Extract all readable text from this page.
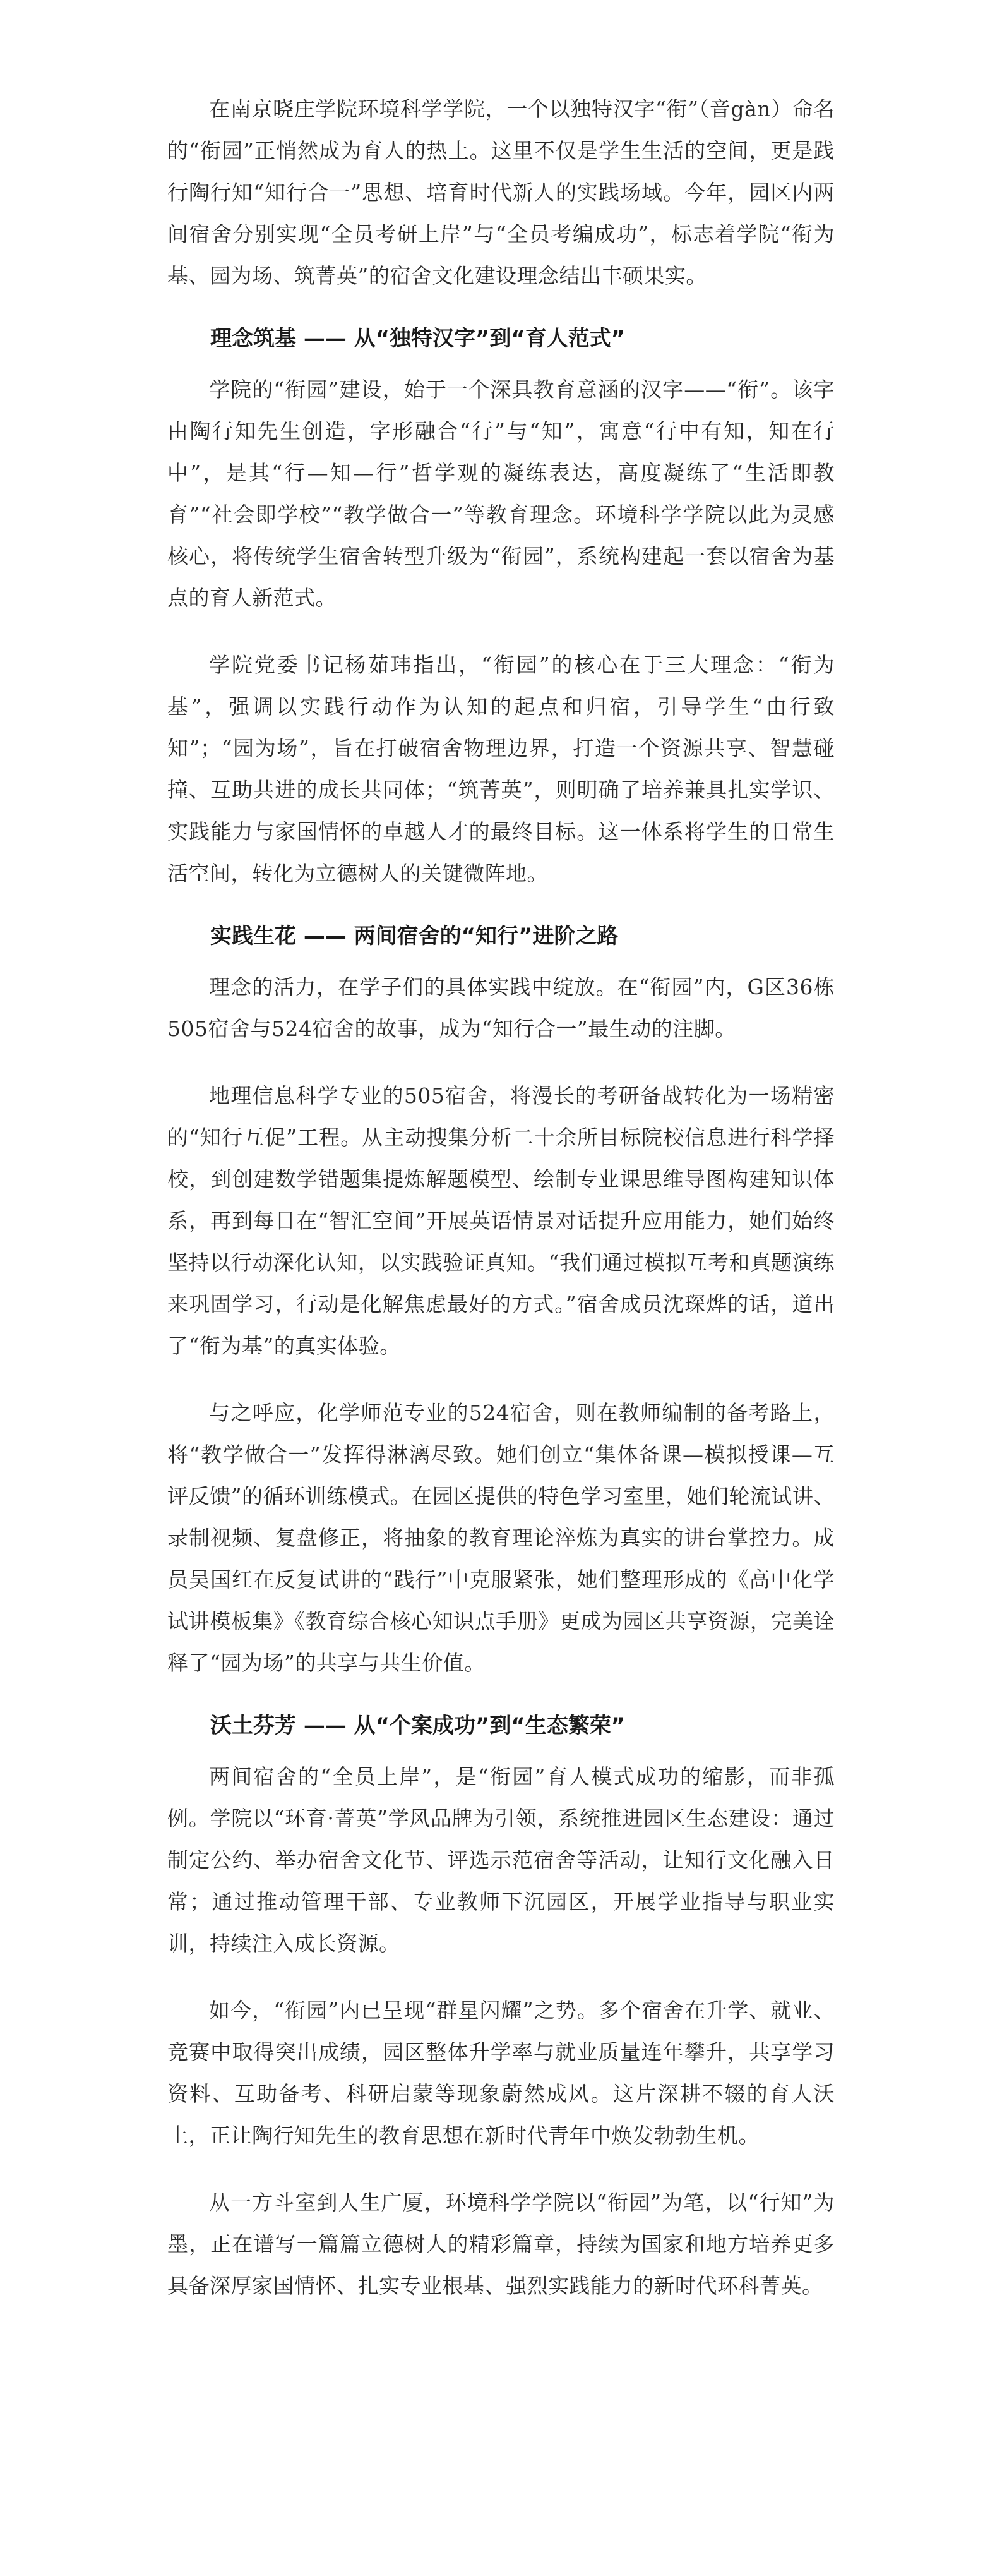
在南京晓庄学院环境科学学院，一个以独特汉字“衔”（音gàn）命名的“衔园”正悄然成为育人的热土。这里不仅是学生生活的空间，更是践行陶行知“知行合一”思想、培育时代新人的实践场域。今年，园区内两间宿舍分别实现“全员考研上岸”与“全员考编成功”，标志着学院“衔为基、园为场、筑菁英”的宿舍文化建设理念结出丰硕果实。

理念筑基 —— 从“独特汉字”到“育人范式”

学院的“衔园”建设，始于一个深具教育意涵的汉字——“衔”。该字由陶行知先生创造，字形融合“行”与“知”，寓意“行中有知，知在行中”，是其“行—知—行”哲学观的凝练表达，高度凝练了“生活即教育”“社会即学校”“教学做合一”等教育理念。环境科学学院以此为灵感核心，将传统学生宿舍转型升级为“衔园”，系统构建起一套以宿舍为基点的育人新范式。

学院党委书记杨茹玮指出，“衔园”的核心在于三大理念：“衔为基”，强调以实践行动作为认知的起点和归宿，引导学生“由行致知”；“园为场”，旨在打破宿舍物理边界，打造一个资源共享、智慧碰撞、互助共进的成长共同体；“筑菁英”，则明确了培养兼具扎实学识、实践能力与家国情怀的卓越人才的最终目标。这一体系将学生的日常生活空间，转化为立德树人的关键微阵地。

实践生花 —— 两间宿舍的“知行”进阶之路

理念的活力，在学子们的具体实践中绽放。在“衔园”内，G区36栋505宿舍与524宿舍的故事，成为“知行合一”最生动的注脚。

地理信息科学专业的505宿舍，将漫长的考研备战转化为一场精密的“知行互促”工程。从主动搜集分析二十余所目标院校信息进行科学择校，到创建数学错题集提炼解题模型、绘制专业课思维导图构建知识体系，再到每日在“智汇空间”开展英语情景对话提升应用能力，她们始终坚持以行动深化认知，以实践验证真知。“我们通过模拟互考和真题演练来巩固学习，行动是化解焦虑最好的方式。”宿舍成员沈琛烨的话，道出了“衔为基”的真实体验。

与之呼应，化学师范专业的524宿舍，则在教师编制的备考路上，将“教学做合一”发挥得淋漓尽致。她们创立“集体备课—模拟授课—互评反馈”的循环训练模式。在园区提供的特色学习室里，她们轮流试讲、录制视频、复盘修正，将抽象的教育理论淬炼为真实的讲台掌控力。成员吴国红在反复试讲的“践行”中克服紧张，她们整理形成的《高中化学试讲模板集》《教育综合核心知识点手册》更成为园区共享资源，完美诠释了“园为场”的共享与共生价值。

沃土芬芳 —— 从“个案成功”到“生态繁荣”

两间宿舍的“全员上岸”，是“衔园”育人模式成功的缩影，而非孤例。学院以“环育·菁英”学风品牌为引领，系统推进园区生态建设：通过制定公约、举办宿舍文化节、评选示范宿舍等活动，让知行文化融入日常；通过推动管理干部、专业教师下沉园区，开展学业指导与职业实训，持续注入成长资源。

如今，“衔园”内已呈现“群星闪耀”之势。多个宿舍在升学、就业、竞赛中取得突出成绩，园区整体升学率与就业质量连年攀升，共享学习资料、互助备考、科研启蒙等现象蔚然成风。这片深耕不辍的育人沃土，正让陶行知先生的教育思想在新时代青年中焕发勃勃生机。

从一方斗室到人生广厦，环境科学学院以“衔园”为笔，以“行知”为墨，正在谱写一篇篇立德树人的精彩篇章，持续为国家和地方培养更多具备深厚家国情怀、扎实专业根基、强烈实践能力的新时代环科菁英。
